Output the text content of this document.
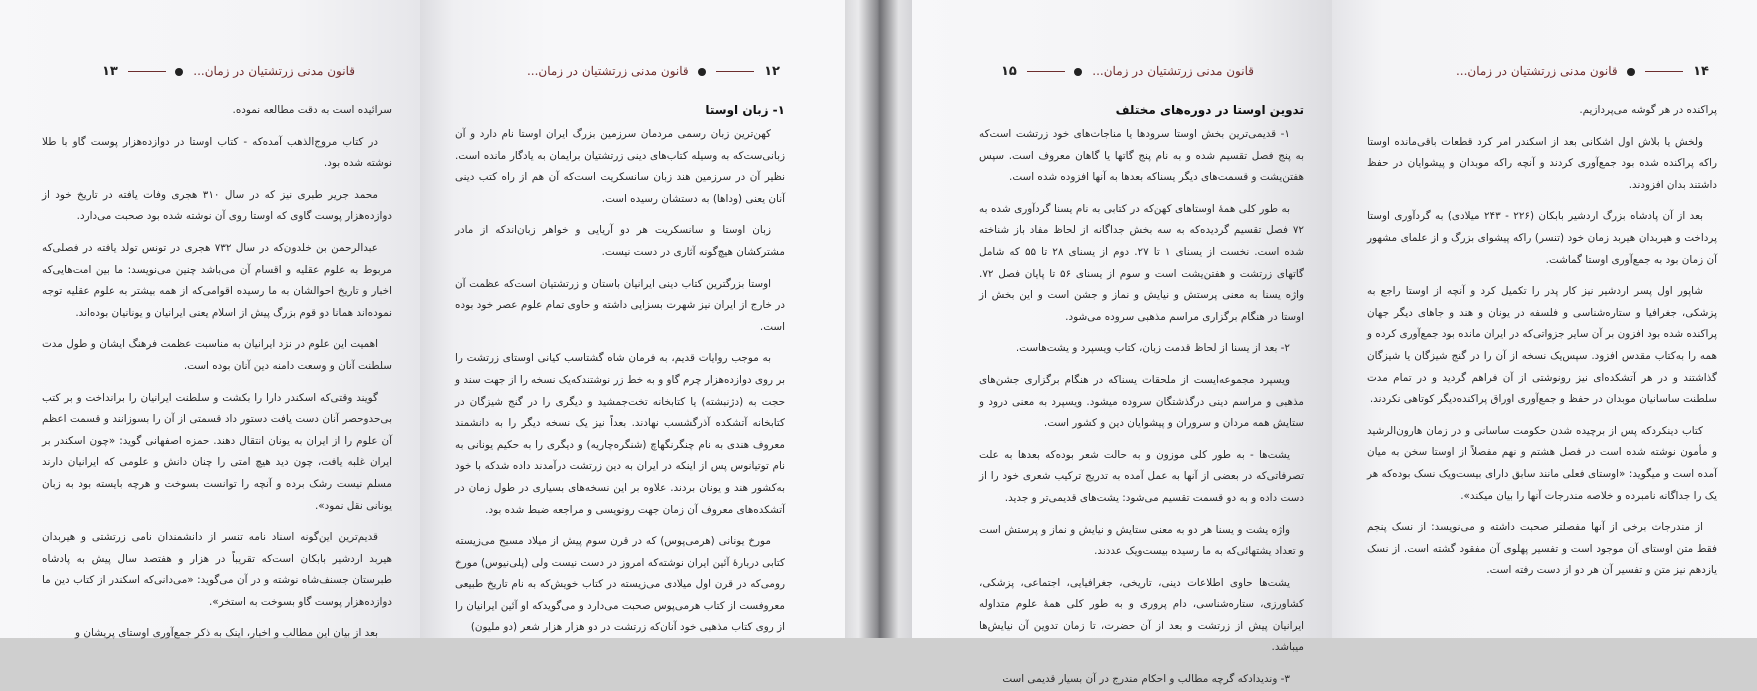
قانون مدنی زرتشتیان در زمان...   ۱۳

سرائیده است به دقت مطالعه نموده.

در کتاب مروج‌الذهب آمده‌که - کتاب اوستا در دوازده‌هزار پوست گاو با طلا نوشته شده بود.

محمد جریر طبری نیز که در سال ۳۱۰ هجری وفات یافته در تاریخ خود از دوازده‌هزار پوست گاوی که اوستا روی آن نوشته شده بود صحبت می‌دارد.

عبدالرحمن بن خلدون‌که در سال ۷۳۲ هجری در تونس تولد یافته در فصلی‌که مربوط به علوم عقلیه و اقسام آن می‌باشد چنین می‌نویسد: ما بین امت‌هایی‌که اخبار و تاریخ احوالشان به ما رسیده اقوامی‌که از همه بیشتر به علوم عقلیه توجه نموده‌اند همانا دو قوم بزرگ پیش از اسلام یعنی ایرانیان و یونانیان بوده‌اند.

اهمیت این علوم در نزد ایرانیان به مناسبت عظمت فرهنگ ایشان و طول مدت سلطنت آنان و وسعت دامنه دین آنان بوده است.

گویند وقتی‌که اسکندر دارا را بکشت و سلطنت ایرانیان را برانداخت و بر کتب بی‌حدوحصر آنان دست یافت دستور داد قسمتی از آن را بسوزانند و قسمت اعظم آن علوم را از ایران به یونان انتقال دهند. حمزه اصفهانی گوید: «چون اسکندر بر ایران غلبه یافت، چون دید هیچ امتی را چنان دانش و علومی که ایرانیان دارند مسلم نیست رشک برده و آنچه را توانست بسوخت و هرچه بایسته بود به زبان یونانی نقل نمود».

قدیم‌ترین این‌گونه اسناد نامه تنسر از دانشمندان نامی زرتشتی و هیربدان هیربد اردشیر بابکان است‌که تقریباً در هزار و هفتصد سال پیش به پادشاه طبرستان جسنف‌شاه نوشته و در آن می‌گوید: «می‌دانی‌که اسکندر از کتاب دین ما دوازده‌هزار پوست گاو بسوخت به استخر».

بعد از بیان این مطالب و اخبار، اینک به ذکر جمع‌آوری اوستای پریشان و

۱۲   قانون مدنی زرتشتیان در زمان...
۱- زبان اوستا

کهن‌ترین زبان رسمی مردمان سرزمین بزرگ ایران اوستا نام دارد و آن زبانی‌ست‌که به وسیله کتاب‌های دینی زرتشتیان برایمان به یادگار مانده است. نظیر آن در سرزمین هند زبان سانسکریت است‌که آن هم از راه کتب دینی آنان یعنی (وداها) به دستشان رسیده است.

زبان اوستا و سانسکریت هر دو آریایی و خواهر زبان‌اند‌که از مادر مشترکشان هیچ‌گونه آثاری در دست نیست.

اوستا بزرگترین کتاب دینی ایرانیان باستان و زرتشتیان است‌که عظمت آن در خارج از ایران نیز شهرت بسزایی داشته و حاوی تمام علوم عصر خود بوده است.

به موجب روایات قدیم، به فرمان شاه گشتاسب کیانی اوستای زرتشت را بر روی دوازده‌هزار چرم گاو و به خط زر نوشتند‌که‌یک نسخه را از جهت سند و حجت به (دژنبشته) یا کتابخانه تخت‌جمشید و دیگری را در گنج شیزگان در کتابخانه آتشکده آذرگشسب نهادند. بعداً نیز یک نسخه دیگر را به دانشمند معروف هندی به نام چنگرنگهاچ (شنگره‌چاریه) و دیگری را به حکیم یونانی به نام توتیانوس پس از اینکه در ایران به دین زرتشت درآمدند داده شد‌که با خود به‌کشور هند و یونان بردند. علاوه بر این نسخه‌های بسیاری در طول زمان در آتشکده‌های معروف آن زمان جهت رونویسی و مراجعه ضبط شده بود.

مورخ یونانی (هرمی‌پوس) که در قرن سوم پیش از میلاد مسیح می‌زیسته کتابی دربارهٔ آئین ایران نوشته‌که امروز در دست نیست ولی (پلی‌نیوس) مورخ رومی‌که در قرن اول میلادی می‌زیسته در کتاب خویش‌که به نام تاریخ طبیعی معروفست از کتاب هرمی‌پوس صحبت می‌دارد و می‌گوید‌که او آئین ایرانیان را از روی کتاب مذهبی خود آنان‌که زرتشت در دو هزار هزار شعر (دو ملیون)

قانون مدنی زرتشتیان در زمان...   ۱۵
تدوین اوستا در دوره‌های مختلف

۱- قدیمی‌ترین بخش اوستا سرودها یا مناجات‌های خود زرتشت است‌که به پنج فصل تقسیم شده و به نام پنج گاتها یا گاهان معروف است. سپس هفتن‌یشت و قسمت‌های دیگر یسنا‌که بعدها به آنها افزوده شده است.

به طور کلی همهٔ اوستاهای کهن‌که در کتابی به نام یسنا گردآوری شده به ۷۲ فصل تقسیم گردیده‌که به سه بخش جداگانه از لحاظ مفاد باز شناخته شده است. نخست از یسنای ۱ تا ۲۷. دوم از یسنای ۲۸ تا ۵۵ ‌که شامل گاتهای زرتشت و هفتن‌یشت است و سوم از یسنای ۵۶ تا پایان فصل ۷۲. واژه یسنا به معنی پرستش و نیایش و نماز و جشن است و این بخش از اوستا در هنگام برگزاری مراسم مذهبی سروده می‌شود.

۲- بعد از یسنا از لحاظ قدمت زبان، کتاب ویسپرد و یشت‌هاست.

ویسپرد مجموعه‌ایست از ملحقات یسنا‌که در هنگام برگزاری جشن‌های مذهبی و مراسم دینی درگذشتگان سروده میشود. ویسپرد به معنی درود و ستایش همه مردان و سروران و پیشوایان دین و کشور است.

یشت‌ها - به طور کلی موزون و به حالت شعر بوده‌که بعدها به علت تصرفاتی‌که در بعضی از آنها به عمل آمده به تدریج ترکیب شعری خود را از دست داده و به دو قسمت تقسیم می‌شود: یشت‌های قدیمی‌تر و جدید.

واژه یشت و یسنا هر دو به معنی ستایش و نیایش و نماز و پرستش است و تعداد یشتهائی‌که به ما رسیده بیست‌ویک عددند.

یشت‌ها حاوی اطلاعات دینی، تاریخی، جغرافیایی، اجتماعی، پزشکی، کشاورزی، ستاره‌شناسی، دام پروری و به طور کلی همهٔ علوم متداوله ایرانیان پیش از زرتشت و بعد از آن حضرت، تا زمان تدوین آن نیایش‌ها میباشد.

۳- وندیداد‌که گرچه مطالب و احکام مندرج در آن بسیار قدیمی است

۱۴   قانون مدنی زرتشتیان در زمان...

پراکنده در هر گوشه می‌پردازیم.

ولخش یا بلاش اول اشکانی بعد از اسکندر امر کرد قطعات باقی‌مانده اوستا را‌که پراکنده شده بود جمع‌آوری کردند و آنچه را‌که موبدان و پیشوایان در حفظ داشتند بدان افزودند.

بعد از آن پادشاه بزرگ اردشیر بابکان (۲۲۶ - ۲۴۳ میلادی) به گردآوری اوستا پرداخت و هیربدان هیربد زمان خود (تنسر) را‌که پیشوای بزرگ و از علمای مشهور آن زمان بود به جمع‌آوری اوستا گماشت.

شاپور اول پسر اردشیر نیز کار پدر را تکمیل کرد و آنچه از اوستا راجع به پزشکی، جغرافیا و ستاره‌شناسی و فلسفه در یونان و هند و جاهای دیگر جهان پراکنده شده بود افزون بر آن سایر جزواتی‌که در ایران مانده بود جمع‌آوری کرده و همه را به‌کتاب مقدس افزود. سپس‌یک نسخه از آن را در گنج شیزگان یا شیزگان گذاشتند و در هر آتشکده‌ای نیز رونوشتی از آن فراهم گردید و در تمام مدت سلطنت ساسانیان موبدان در حفظ و جمع‌آوری اوراق پراکنده‌دیگر کوتاهی نکردند.

کتاب دینکرد‌که پس از برچیده شدن حکومت ساسانی و در زمان هارون‌الرشید و مأمون نوشته شده است در فصل هشتم و نهم مفصلاً از اوستا سخن به میان آمده است و میگوید: «اوستای فعلی مانند سابق دارای بیست‌ویک نسک بوده‌که هر یک را جداگانه نامبرده و خلاصه مندرجات آنها را بیان میکند».

از مندرجات برخی از آنها مفصلتر صحبت داشته و می‌نویسد: از نسک پنجم فقط متن اوستای آن موجود است و تفسیر پهلوی آن مفقود گشته است. از نسک یازدهم نیز متن و تفسیر آن هر دو از دست رفته است.
